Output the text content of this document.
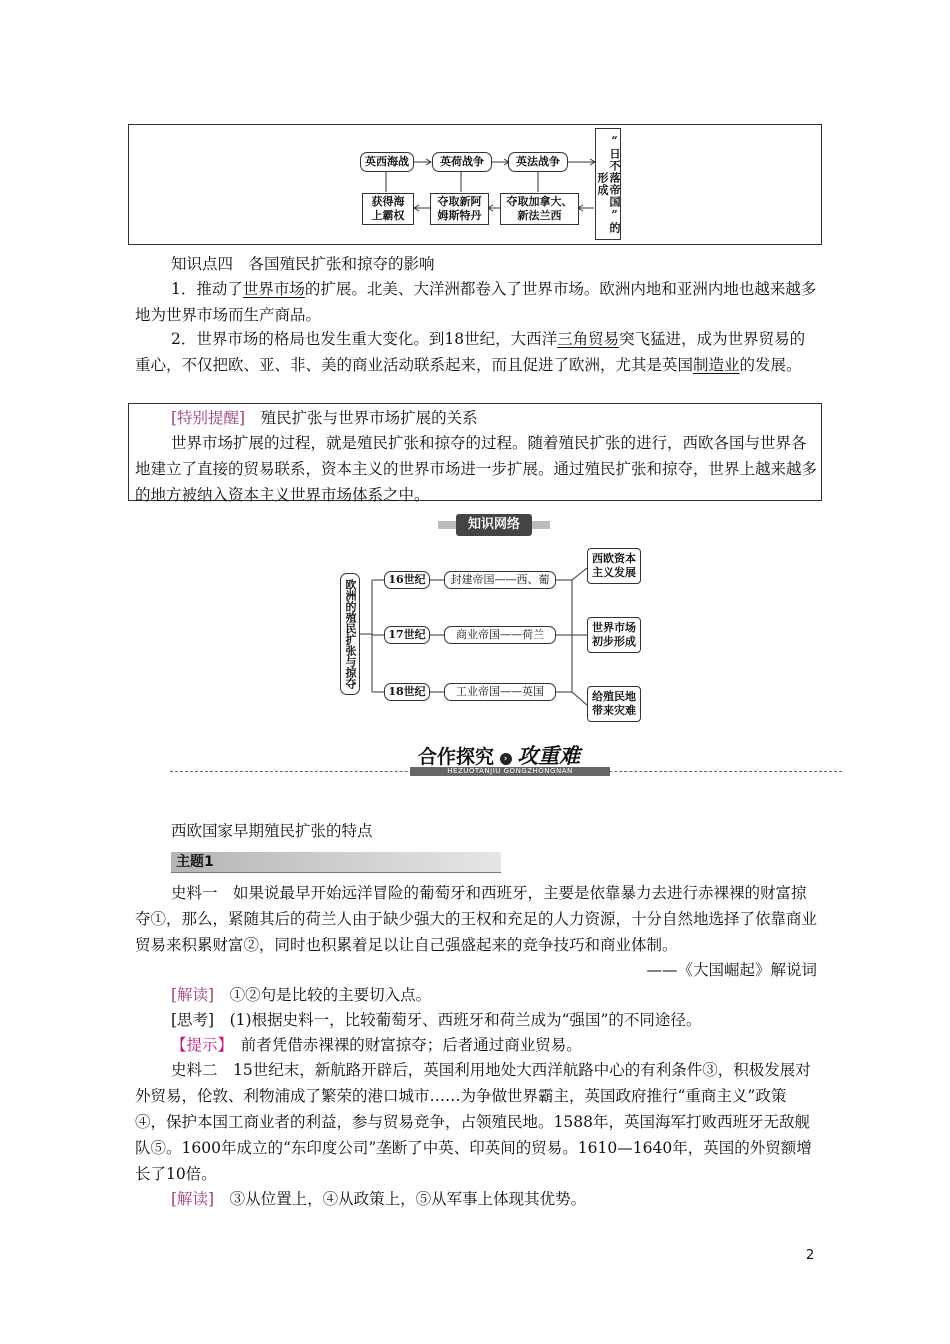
英西海战	英荷战争	英法战争
获得海上霸权
夺取新阿姆斯特丹
夺取加拿大、新法兰西	“日不落帝国”的形成
知识点四　各国殖民扩张和掠夺的影响
1．推动了世界市场的扩展。北美、大洋洲都卷入了世界市场。欧洲内地和亚洲内地也越来越多地为世界市场而生产商品。
2．世界市场的格局也发生重大变化。到18世纪，大西洋三角贸易突飞猛进，成为世界贸易的重心，不仅把欧、亚、非、美的商业活动联系起来，而且促进了欧洲，尤其是英国制造业的发展。
[特别提醒]　 殖民扩张与世界市场扩展的关系
世界市场扩展的过程，就是殖民扩张和掠夺的过程。随着殖民扩张的进行，西欧各国与世界各地建立了直接的贸易联系，资本主义的世界市场进一步扩展。通过殖民扩张和掠夺，世界上越来越多的地方被纳入资本主义世界市场体系之中。
知识网络
欧洲的殖民扩张与掠夺	16世纪
17世纪
18世纪
封建帝国——西、葡
商业帝国——荷兰
工业帝国——英国
西欧资本主义发展
世界市场初步形成
给殖民地带来灾难
HEZUOTANJIU GONGZHONGNAN
合作探究 › 攻重难
西欧国家早期殖民扩张的特点
主题1
史料一　如果说最早开始远洋冒险的葡萄牙和西班牙，主要是依靠暴力去进行赤裸裸的财富掠夺①，那么，紧随其后的荷兰人由于缺少强大的王权和充足的人力资源，十分自然地选择了依靠商业贸易来积累财富②，同时也积累着足以让自己强盛起来的竞争技巧和商业体制。
——《大国崛起》解说词
[解读]　 ①②句是比较的主要切入点。
[思考]　 (1)根据史料一，比较葡萄牙、西班牙和荷兰成为“强国”的不同途径。
【提示】　 前者凭借赤裸裸的财富掠夺；后者通过商业贸易。
史料二　15世纪末，新航路开辟后，英国利用地处大西洋航路中心的有利条件③，积极发展对外贸易，伦敦、利物浦成了繁荣的港口城市……为争做世界霸主，英国政府推行“重商主义”政策④，保护本国工商业者的利益，参与贸易竞争，占领殖民地。1588年，英国海军打败西班牙无敌舰队⑤。1600年成立的“东印度公司”垄断了中英、印英间的贸易。1610—1640年，英国的外贸额增长了10倍。
[解读]　 ③从位置上，④从政策上，⑤从军事上体现其优势。
2
